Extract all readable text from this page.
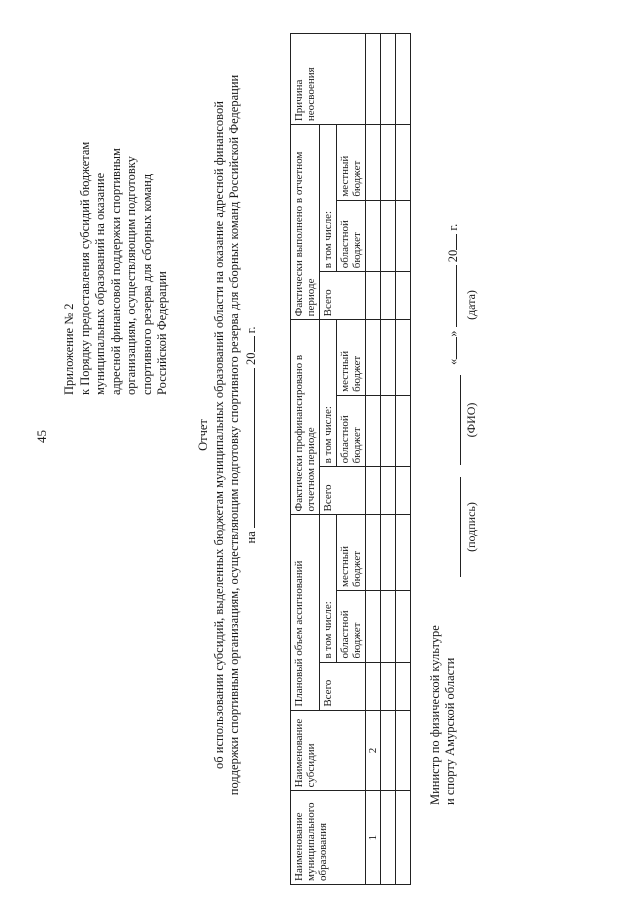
45
Приложение № 2 к Порядку предоставления субсидий бюджетам муниципальных образований на оказание адресной финансовой поддержки спортивным организациям, осуществляющим подготовку спортивного резерва для сборных команд Российской Федерации
Отчет об использовании субсидий, выделенных бюджетам муниципальных образований области на оказание адресной финансовой поддержки спортивным организациям, осуществляющим подготовку спортивного резерва для сборных команд Российской Федерации на  20 г.
Наименование муниципального образования	Наименование субсидии	Плановый объем ассигнований			Фактически профинансировано в отчетном периоде			Фактически выполнено в отчетном периоде			Причина неосвоения
		Всего	в том числе:		Всего	в том числе:		Всего	в том числе:		
			областной бюджет	местный бюджет		областной бюджет	местный бюджет		областной бюджет	местный бюджет	
1	2										

												Министр по физической культуре и спорту Амурской области
(подпись)
(ФИО)
«»  20 г.
(дата)
